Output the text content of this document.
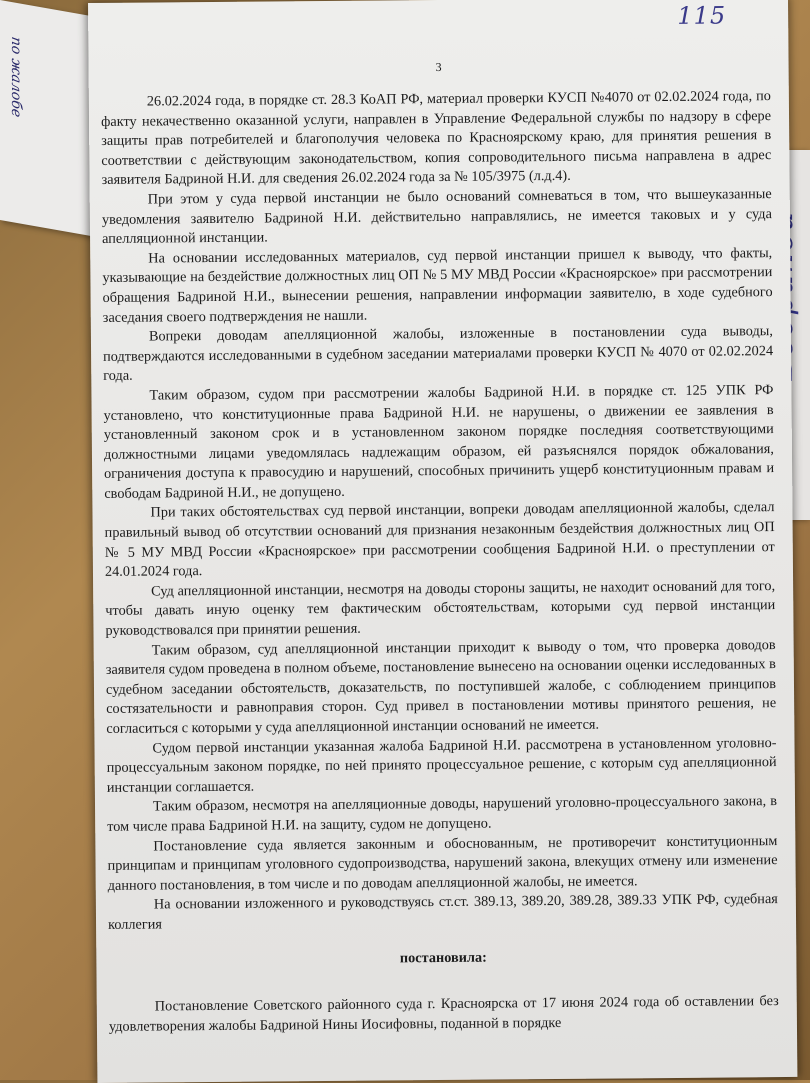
по жалобе
115
3

26.02.2024 года, в порядке ст. 28.3 КоАП РФ, материал проверки КУСП №4070 от 02.02.2024 года, по факту некачественно оказанной услуги, направлен в Управление Федеральной службы по надзору в сфере защиты прав потребителей и благополучия человека по Красноярскому краю, для принятия решения в соответствии с действующим законодательством, копия сопроводительного письма направлена в адрес заявителя Бадриной Н.И. для сведения 26.02.2024 года за № 105/3975 (л.д.4).

При этом у суда первой инстанции не было оснований сомневаться в том, что вышеуказанные уведомления заявителю Бадриной Н.И. действительно направлялись, не имеется таковых и у суда апелляционной инстанции.

На основании исследованных материалов, суд первой инстанции пришел к выводу, что факты, указывающие на бездействие должностных лиц ОП № 5 МУ МВД России «Красноярское» при рассмотрении обращения Бадриной Н.И., вынесении решения, направлении информации заявителю, в ходе судебного заседания своего подтверждения не нашли.

Вопреки доводам апелляционной жалобы, изложенные в постановлении суда выводы, подтверждаются исследованными в судебном заседании материалами проверки КУСП № 4070 от 02.02.2024 года.

Таким образом, судом при рассмотрении жалобы Бадриной Н.И. в порядке ст. 125 УПК РФ установлено, что конституционные права Бадриной Н.И. не нарушены, о движении ее заявления в установленный законом срок и в установленном законом порядке последняя соответствующими должностными лицами уведомлялась надлежащим образом, ей разъяснялся порядок обжалования, ограничения доступа к правосудию и нарушений, способных причинить ущерб конституционным правам и свободам Бадриной Н.И., не допущено.

При таких обстоятельствах суд первой инстанции, вопреки доводам апелляционной жалобы, сделал правильный вывод об отсутствии оснований для признания незаконным бездействия должностных лиц ОП № 5 МУ МВД России «Красноярское» при рассмотрении сообщения Бадриной Н.И. о преступлении от 24.01.2024 года.

Суд апелляционной инстанции, несмотря на доводы стороны защиты, не находит оснований для того, чтобы давать иную оценку тем фактическим обстоятельствам, которыми суд первой инстанции руководствовался при принятии решения.

Таким образом, суд апелляционной инстанции приходит к выводу о том, что проверка доводов заявителя судом проведена в полном объеме, постановление вынесено на основании оценки исследованных в судебном заседании обстоятельств, доказательств, по поступившей жалобе, с соблюдением принципов состязательности и равноправия сторон. Суд привел в постановлении мотивы принятого решения, не согласиться с которыми у суда апелляционной инстанции оснований не имеется.

Судом первой инстанции указанная жалоба Бадриной Н.И. рассмотрена в установленном уголовно-процессуальным законом порядке, по ней принято процессуальное решение, с которым суд апелляционной инстанции соглашается.

Таким образом, несмотря на апелляционные доводы, нарушений уголовно-процессуального закона, в том числе права Бадриной Н.И. на защиту, судом не допущено.

Постановление суда является законным и обоснованным, не противоречит конституционным принципам и принципам уголовного судопроизводства, нарушений закона, влекущих отмену или изменение данного постановления, в том числе и по доводам апелляционной жалобы, не имеется.

На основании изложенного и руководствуясь ст.ст. 389.13, 389.20, 389.28, 389.33 УПК РФ, судебная коллегия

постановила:

Постановление Советского районного суда г. Красноярска от 17 июня 2024 года об оставлении без удовлетворения жалобы Бадриной Нины Иосифовны, поданной в порядке
